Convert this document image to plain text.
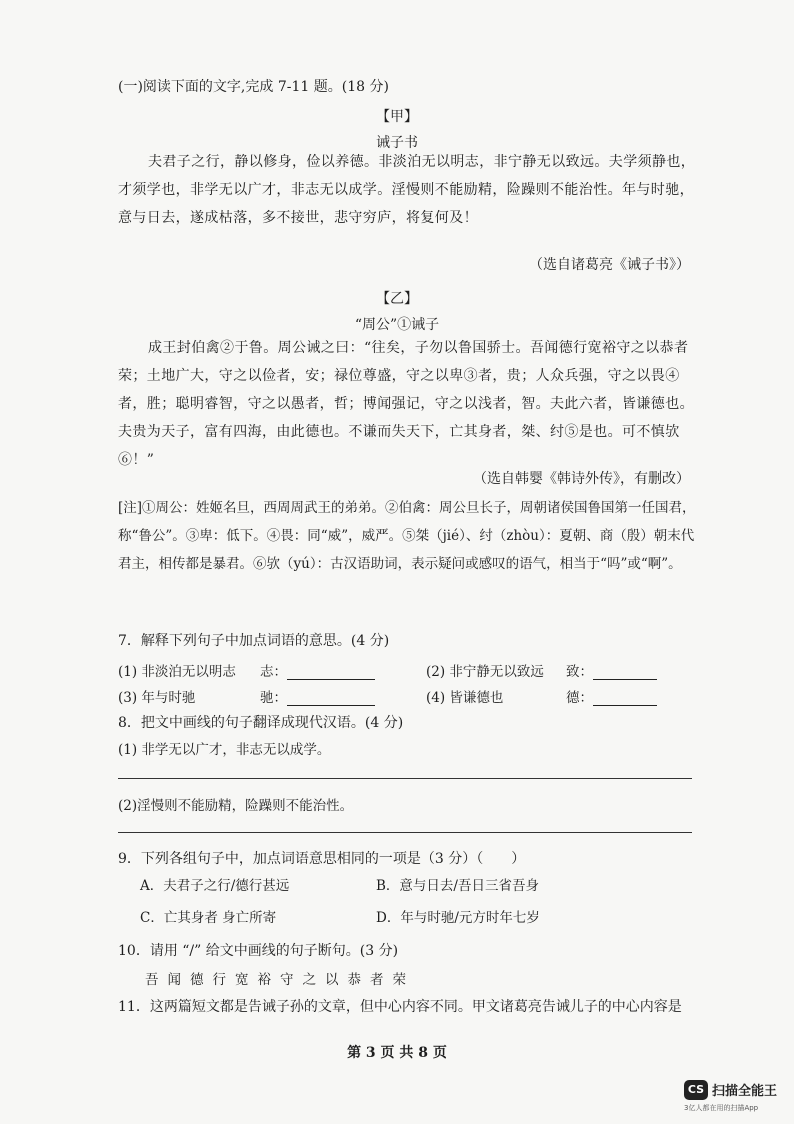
(一)阅读下面的文字,完成 7-11 题。(18 分)
【甲】
诫子书
夫君子之行，静以修身，俭以养德。非淡泊无以明志，非宁静无以致远。夫学须静也，才须学也，非学无以广才，非志无以成学。淫慢则不能励精，险躁则不能治性。年与时驰，意与日去，遂成枯落，多不接世，悲守穷庐，将复何及！
（选自诸葛亮《诫子书》）
【乙】
“周公”①诫子
成王封伯禽②于鲁。周公诫之曰：“往矣，子勿以鲁国骄士。吾闻德行宽裕守之以恭者荣；土地广大，守之以俭者，安；禄位尊盛，守之以卑③者，贵；人众兵强，守之以畏④者，胜；聪明睿智，守之以愚者，哲；博闻强记，守之以浅者，智。夫此六者，皆谦德也。夫贵为天子，富有四海，由此德也。不谦而失天下，亡其身者，桀、纣⑤是也。可不慎欤⑥！”
（选自韩婴《韩诗外传》，有删改）
[注]①周公：姓姬名旦，西周周武王的弟弟。②伯禽：周公旦长子，周朝诸侯国鲁国第一任国君，称“鲁公”。③卑：低下。④畏：同“威”，威严。⑤桀（jié）、纣（zhòu）：夏朝、商（殷）朝末代君主，相传都是暴君。⑥欤（yú）：古汉语助词，表示疑问或感叹的语气，相当于“吗”或“啊”。
7．解释下列句子中加点词语的意思。(4 分)
(1) 非淡泊无以明志 志：	(2) 非宁静无以致远 致：
(3) 年与时驰	驰：	(4) 皆谦德也	德：
8．把文中画线的句子翻译成现代汉语。(4 分)
(1) 非学无以广才，非志无以成学。
(2)淫慢则不能励精，险躁则不能治性。
9．下列各组句子中，加点词语意思相同的一项是（3 分）（　　）
A．夫君子之行/德行甚远	B．意与日去/吾日三省吾身
C．亡其身者 身亡所寄	D．年与时驰/元方时年七岁
10．请用 “/” 给文中画线的句子断句。(3 分)
吾闻德行宽裕守之以恭者荣
11．这两篇短文都是告诫子孙的文章，但中心内容不同。甲文诸葛亮告诫儿子的中心内容是
第 3 页 共 8 页
CS 扫描全能王
3亿人都在用的扫描App
